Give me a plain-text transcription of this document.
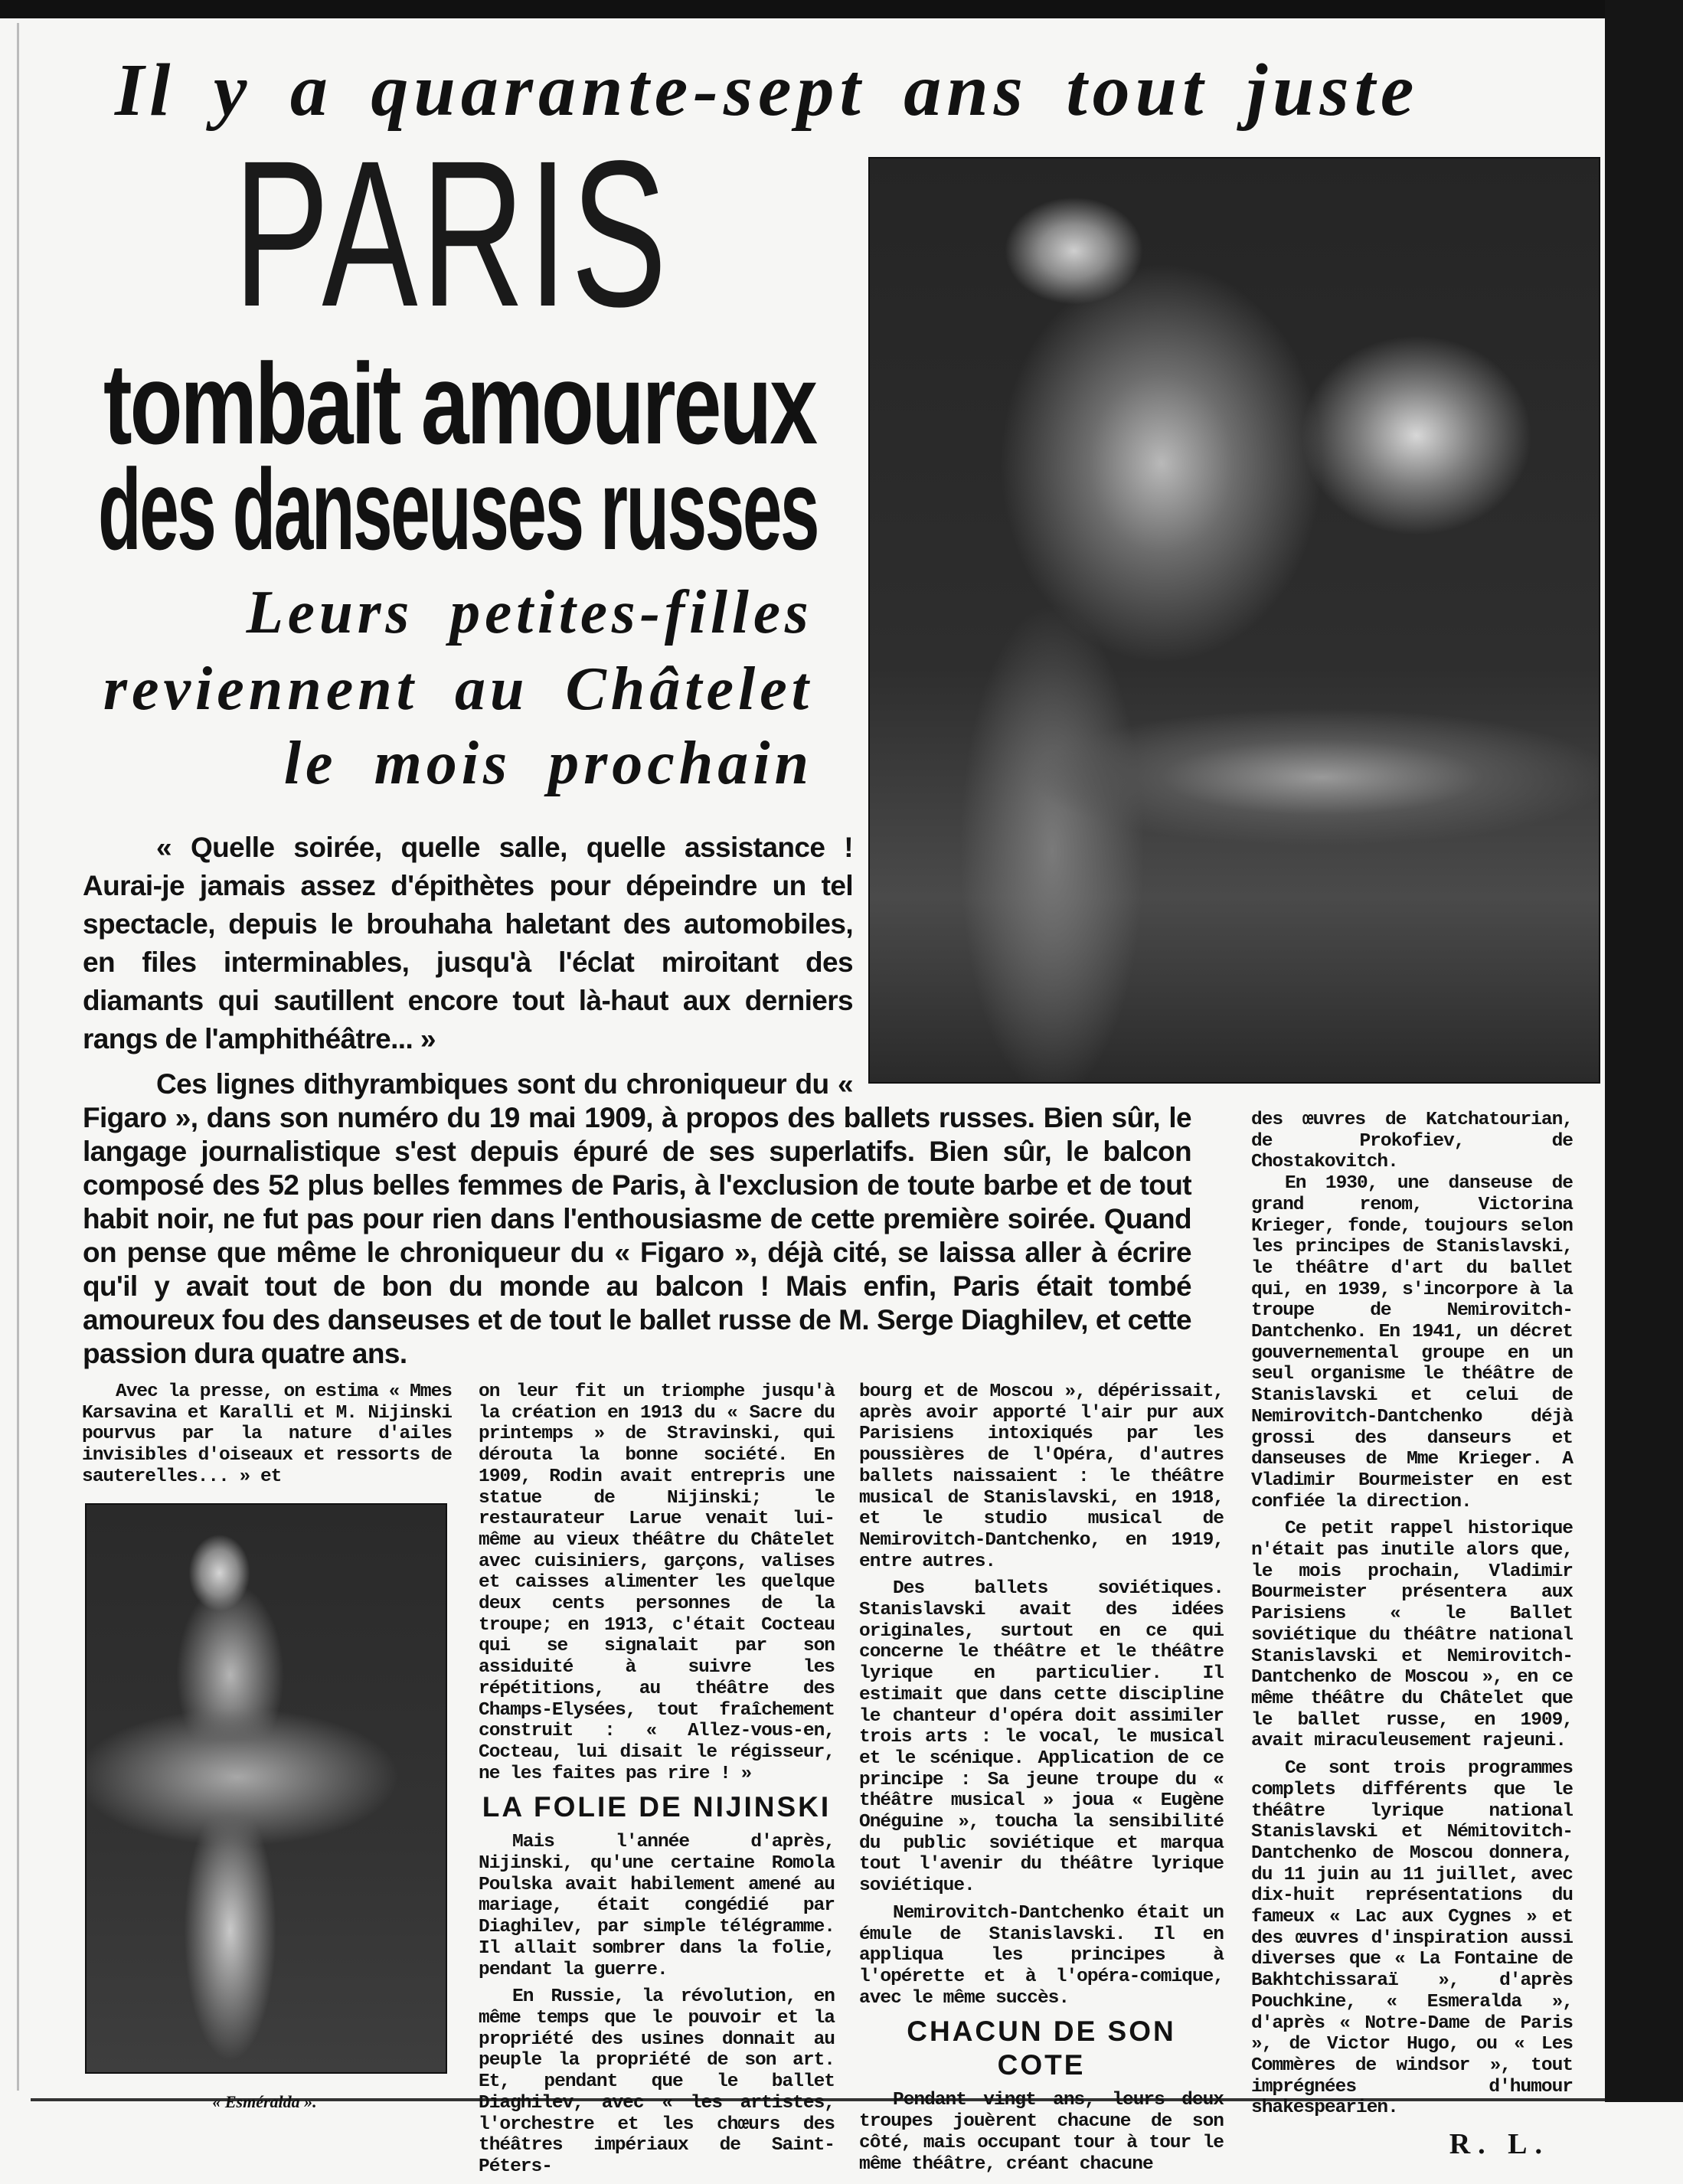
Il y a quarante-sept ans tout juste
PARIS
tombait amoureux
des danseuses russes
Leurs petites-filles
reviennent au Châtelet
le mois prochain
« Quelle soirée, quelle salle, quelle assistance ! Aurai-je jamais assez d'épithètes pour dépeindre un tel spectacle, depuis le brouhaha haletant des automobiles, en files interminables, jusqu'à l'éclat miroitant des diamants qui sautillent encore tout là-haut aux derniers rangs de l'amphithéâtre... »
Ces lignes dithyrambiques sont du chroniqueur du « Figaro », dans son numéro du 19 mai 1909, à propos des ballets russes. Bien sûr, le langage journalistique s'est depuis épuré de ses superlatifs. Bien sûr, le balcon composé des 52 plus belles femmes de Paris, à l'exclusion de toute barbe et de tout habit noir, ne fut pas pour rien dans l'enthousiasme de cette première soirée. Quand on pense que même le chroniqueur du « Figaro », déjà cité, se laissa aller à écrire qu'il y avait tout de bon du monde au balcon ! Mais enfin, Paris était tombé amoureux fou des danseuses et de tout le ballet russe de M. Serge Diaghilev, et cette passion dura quatre ans.

Avec la presse, on estima « Mmes Karsavina et Karalli et M. Nijinski pourvus par la nature d'ailes invisibles d'oiseaux et ressorts de sauterelles... » et

« Esméralda ».

on leur fit un triomphe jusqu'à la création en 1913 du « Sacre du printemps » de Stravinski, qui dérouta la bonne société. En 1909, Rodin avait entrepris une statue de Nijinski; le restaurateur Larue venait lui-même au vieux théâtre du Châtelet avec cuisiniers, garçons, valises et caisses alimenter les quelque deux cents personnes de la troupe; en 1913, c'était Cocteau qui se signalait par son assiduité à suivre les répétitions, au théâtre des Champs-Elysées, tout fraîchement construit : « Allez-vous-en, Cocteau, lui disait le régisseur, ne les faites pas rire ! »

LA FOLIE DE NIJINSKI

Mais l'année d'après, Nijinski, qu'une certaine Romola Poulska avait habilement amené au mariage, était congédié par Diaghilev, par simple télégramme. Il allait sombrer dans la folie, pendant la guerre.

En Russie, la révolution, en même temps que le pouvoir et la propriété des usines donnait au peuple la propriété de son art. Et, pendant que le ballet Diaghilev, avec « les artistes, l'orchestre et les chœurs des théâtres impériaux de Saint-Péters-

bourg et de Moscou », dépérissait, après avoir apporté l'air pur aux Parisiens intoxiqués par les poussières de l'Opéra, d'autres ballets naissaient : le théâtre musical de Stanislavski, en 1918, et le studio musical de Nemirovitch-Dantchenko, en 1919, entre autres.

Des ballets soviétiques. Stanislavski avait des idées originales, surtout en ce qui concerne le théâtre et le théâtre lyrique en particulier. Il estimait que dans cette discipline le chanteur d'opéra doit assimiler trois arts : le vocal, le musical et le scénique. Application de ce principe : Sa jeune troupe du « théâtre musical » joua « Eugène Onéguine », toucha la sensibilité du public soviétique et marqua tout l'avenir du théâtre lyrique soviétique.

Nemirovitch-Dantchenko était un émule de Stanislavski. Il en appliqua les principes à l'opérette et à l'opéra-comique, avec le même succès.

CHACUN DE SON COTE

Pendant vingt ans, leurs deux troupes jouèrent chacune de son côté, mais occupant tour à tour le même théâtre, créant chacune

des œuvres de Katchatourian, de Prokofiev, de Chostakovitch.

En 1930, une danseuse de grand renom, Victorina Krieger, fonde, toujours selon les principes de Stanislavski, le théâtre d'art du ballet qui, en 1939, s'incorpore à la troupe de Nemirovitch-Dantchenko. En 1941, un décret gouvernemental groupe en un seul organisme le théâtre de Stanislavski et celui de Nemirovitch-Dantchenko déjà grossi des danseurs et danseuses de Mme Krieger. A Vladimir Bourmeister en est confiée la direction.

Ce petit rappel historique n'était pas inutile alors que, le mois prochain, Vladimir Bourmeister présentera aux Parisiens « le Ballet soviétique du théâtre national Stanislavski et Nemirovitch-Dantchenko de Moscou », en ce même théâtre du Châtelet que le ballet russe, en 1909, avait miraculeusement rajeuni.

Ce sont trois programmes complets différents que le théâtre lyrique national Stanislavski et Némitovitch-Dantchenko de Moscou donnera, du 11 juin au 11 juillet, avec dix-huit représentations du fameux « Lac aux Cygnes » et des œuvres d'inspiration aussi diverses que « La Fontaine de Bakhtchissaraï », d'après Pouchkine, « Esmeralda », d'après « Notre-Dame de Paris », de Victor Hugo, ou « Les Commères de windsor », tout imprégnées d'humour shakespearien.

R. L.
